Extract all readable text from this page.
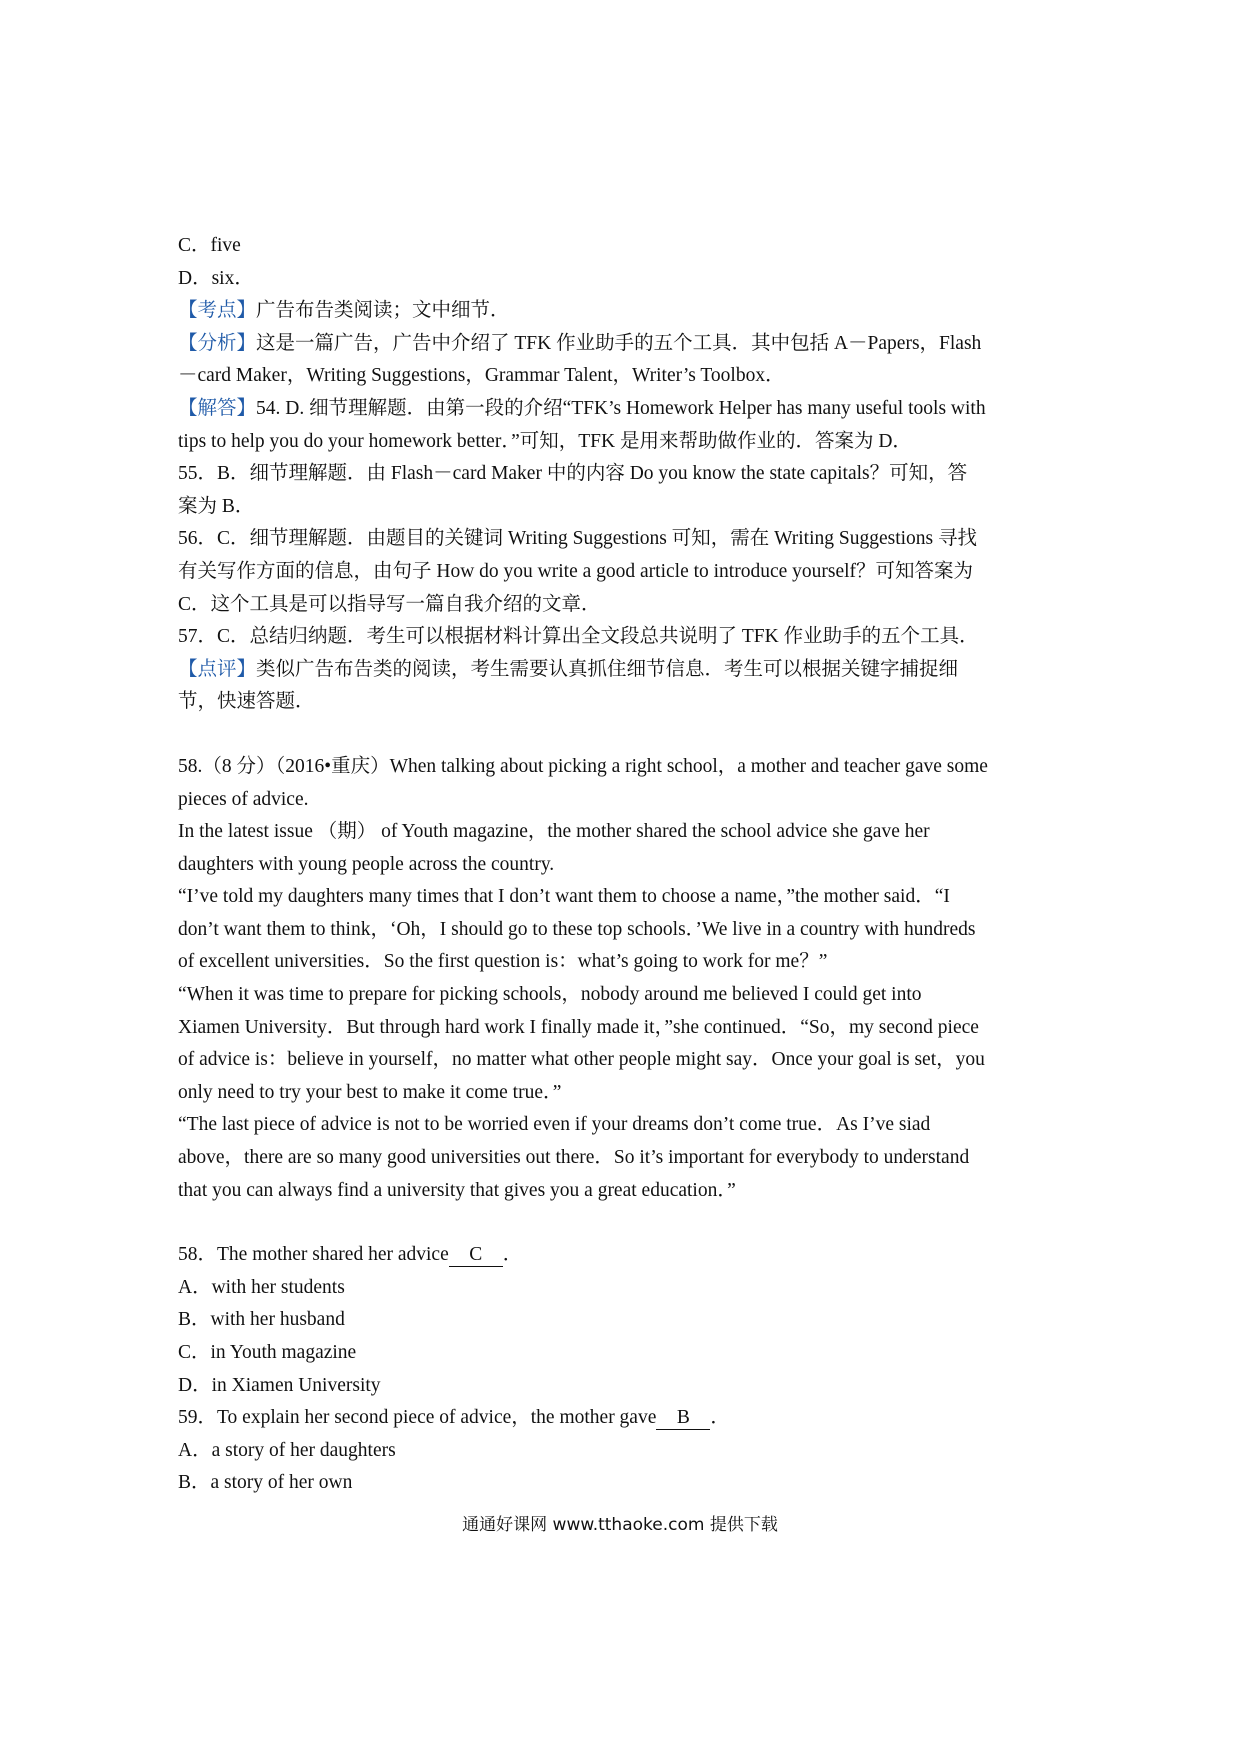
C．five

D．six．

【考点】广告布告类阅读；文中细节．

【分析】这是一篇广告，广告中介绍了 TFK 作业助手的五个工具．其中包括 A－Papers，Flash

－card Maker，Writing Suggestions，Grammar Talent，Writer’s Toolbox．

【解答】54. D. 细节理解题．由第一段的介绍“TFK’s Homework Helper has many useful tools with

tips to help you do your homework better．”可知，TFK 是用来帮助做作业的．答案为 D．

55．B．细节理解题．由 Flash－card Maker 中的内容 Do you know the state capitals？可知，答

案为 B．

56．C．细节理解题．由题目的关键词 Writing Suggestions 可知，需在 Writing Suggestions 寻找

有关写作方面的信息，由句子 How do you write a good article to introduce yourself？可知答案为

C．这个工具是可以指导写一篇自我介绍的文章．

57．C．总结归纳题．考生可以根据材料计算出全文段总共说明了 TFK 作业助手的五个工具．

【点评】类似广告布告类的阅读，考生需要认真抓住细节信息．考生可以根据关键字捕捉细

节，快速答题．

58.（8 分）（2016•重庆）When talking about picking a right school，a mother and teacher gave some

pieces of advice.

In the latest issue （期） of Youth magazine，the mother shared the school advice she gave her

daughters with young people across the country.

“I’ve told my daughters many times that I don’t want them to choose a name，”the mother said．“I

don’t want them to think，‘Oh，I should go to these top schools．’We live in a country with hundreds

of excellent universities．So the first question is：what’s going to work for me？”

“When it was time to prepare for picking schools，nobody around me believed I could get into

Xiamen University．But through hard work I finally made it，”she continued．“So，my second piece

of advice is：believe in yourself，no matter what other people might say．Once your goal is set，you

only need to try your best to make it come true．”

“The last piece of advice is not to be worried even if your dreams don’t come true．As I’ve siad

above，there are so many good universities out there．So it’s important for everybody to understand

that you can always find a university that gives you a great education．”

58．The mother shared her advice C ．

A．with her students

B．with her husband

C．in Youth magazine

D．in Xiamen University

59．To explain her second piece of advice，the mother gave B ．

A．a story of her daughters

B．a story of her own

通通好课网 www.tthaoke.com 提供下载
